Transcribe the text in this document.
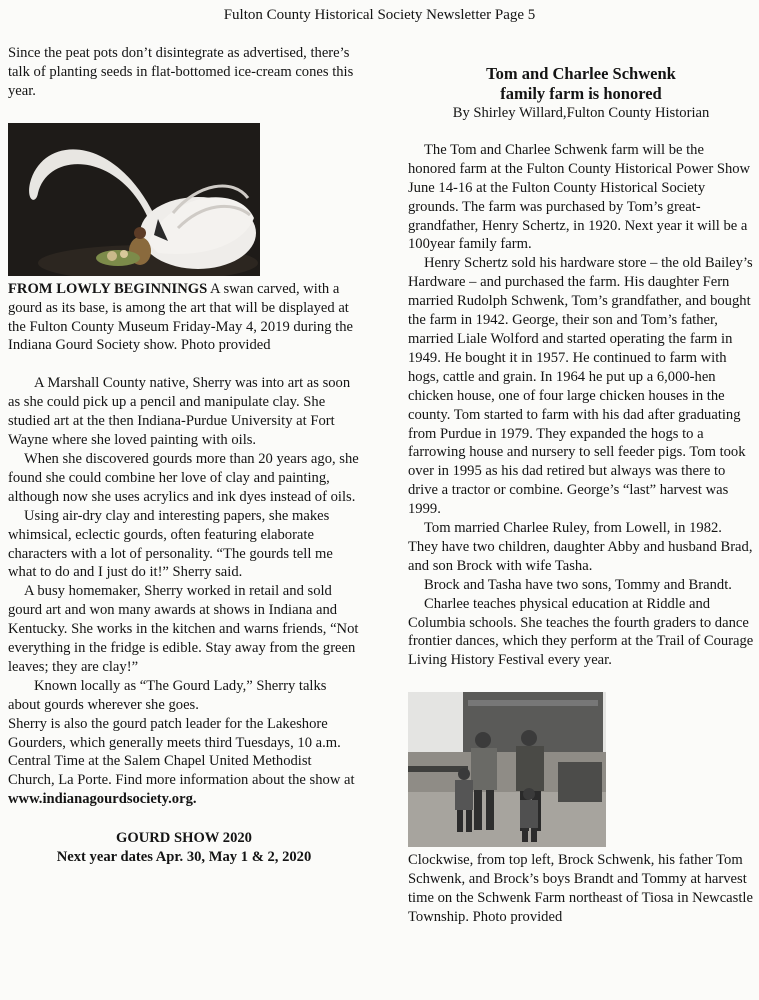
Fulton County Historical Society Newsletter Page 5

Since the peat pots don’t disintegrate as advertised, there’s talk of planting seeds in flat-bottomed ice-cream cones this year.

FROM LOWLY BEGINNINGS A swan carved, with a gourd as its base, is among the art that will be displayed at the Fulton County Museum Friday-May 4, 2019 during the Indiana Gourd Society show. Photo provided

A Marshall County native, Sherry was into art as soon as she could pick up a pencil and manipulate clay. She studied art at the then Indiana-Purdue University at Fort Wayne where she loved painting with oils.

When she discovered gourds more than 20 years ago, she found she could combine her love of clay and painting, although now she uses acrylics and ink dyes instead of oils.

Using air-dry clay and interesting papers, she makes whimsical, eclectic gourds, often featuring elaborate characters with a lot of personality. “The gourds tell me what to do and I just do it!” Sherry said.

A busy homemaker, Sherry worked in retail and sold gourd art and won many awards at shows in Indiana and Kentucky. She works in the kitchen and warns friends, “Not everything in the fridge is edible. Stay away from the green leaves; they are clay!”

Known locally as “The Gourd Lady,” Sherry talks about gourds wherever she goes.

Sherry is also the gourd patch leader for the Lakeshore Gourders, which generally meets third Tuesdays, 10 a.m. Central Time at the Salem Chapel United Methodist Church, La Porte. Find more information about the show at
www.indianagourdsociety.org.

GOURD SHOW 2020

Next year dates Apr. 30, May 1 & 2, 2020

Tom and Charlee Schwenk
family farm is honored

By Shirley Willard,Fulton County Historian

The Tom and Charlee Schwenk farm will be the honored farm at the Fulton County Historical Power Show June 14-16 at the Fulton County Historical Society grounds. The farm was purchased by Tom’s great-grandfather, Henry Schertz, in 1920. Next year it will be a 100year family farm.

Henry Schertz sold his hardware store – the old Bailey’s Hardware – and purchased the farm. His daughter Fern married Rudolph Schwenk, Tom’s grandfather, and bought the farm in 1942. George, their son and Tom’s father, married Liale Wolford and started operating the farm in 1949. He bought it in 1957. He continued to farm with hogs, cattle and grain. In 1964 he put up a 6,000-hen chicken house, one of four large chicken houses in the county. Tom started to farm with his dad after graduating from Purdue in 1979. They expanded the hogs to a farrowing house and nursery to sell feeder pigs. Tom took over in 1995 as his dad retired but always was there to drive a tractor or combine. George’s “last” harvest was 1999.

Tom married Charlee Ruley, from Lowell, in 1982. They have two children, daughter Abby and husband Brad, and son Brock with wife Tasha.

Brock and Tasha have two sons, Tommy and Brandt.

Charlee teaches physical education at Riddle and Columbia schools. She teaches the fourth graders to dance frontier dances, which they perform at the Trail of Courage Living History Festival every year.

Clockwise, from top left, Brock Schwenk, his father Tom Schwenk, and Brock’s boys Brandt and Tommy at harvest time on the Schwenk Farm northeast of Tiosa in Newcastle Township. Photo provided
